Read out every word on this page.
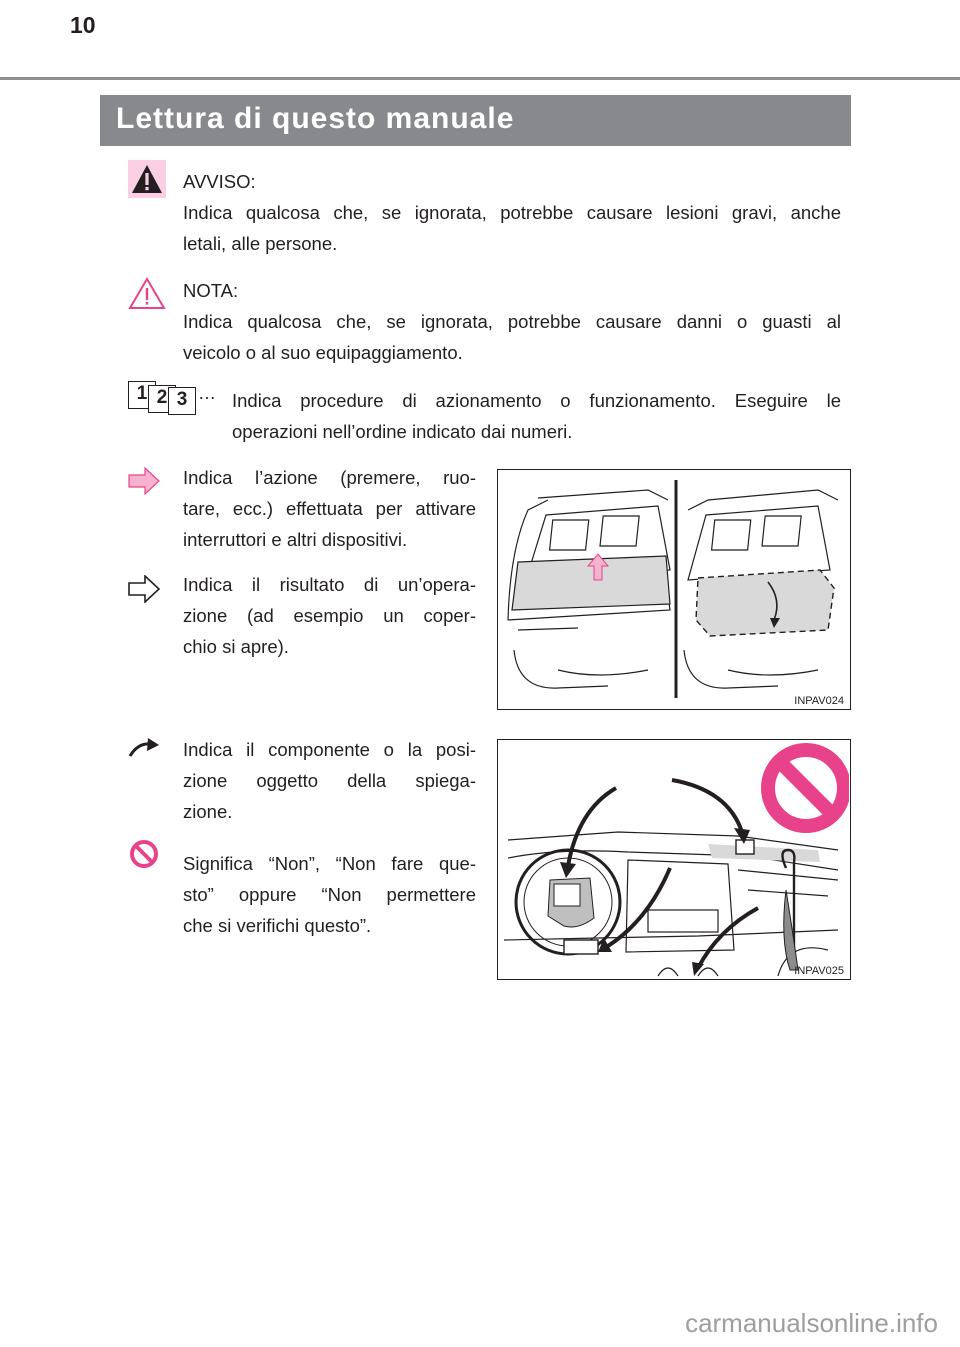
10
Lettura di questo manuale
AVVISO:
Indica qualcosa che, se ignorata, potrebbe causare lesioni gravi, anche
letali, alle persone.
NOTA:
Indica qualcosa che, se ignorata, potrebbe causare danni o guasti al
veicolo o al suo equipaggiamento.
1 2 3 … Indica procedure di azionamento o funzionamento. Eseguire le
operazioni nell’ordine indicato dai numeri.
Indica l’azione (premere, ruo-
tare, ecc.) effettuata per attivare
interruttori e altri dispositivi.
Indica il risultato di un’opera-
zione (ad esempio un coper-
chio si apre).
INPAV024
Indica il componente o la posi-
zione oggetto della spiega-
zione.
Significa “Non”, “Non fare que-
sto” oppure “Non permettere
che si verifichi questo”.
INPAV025
carmanualsonline.info
